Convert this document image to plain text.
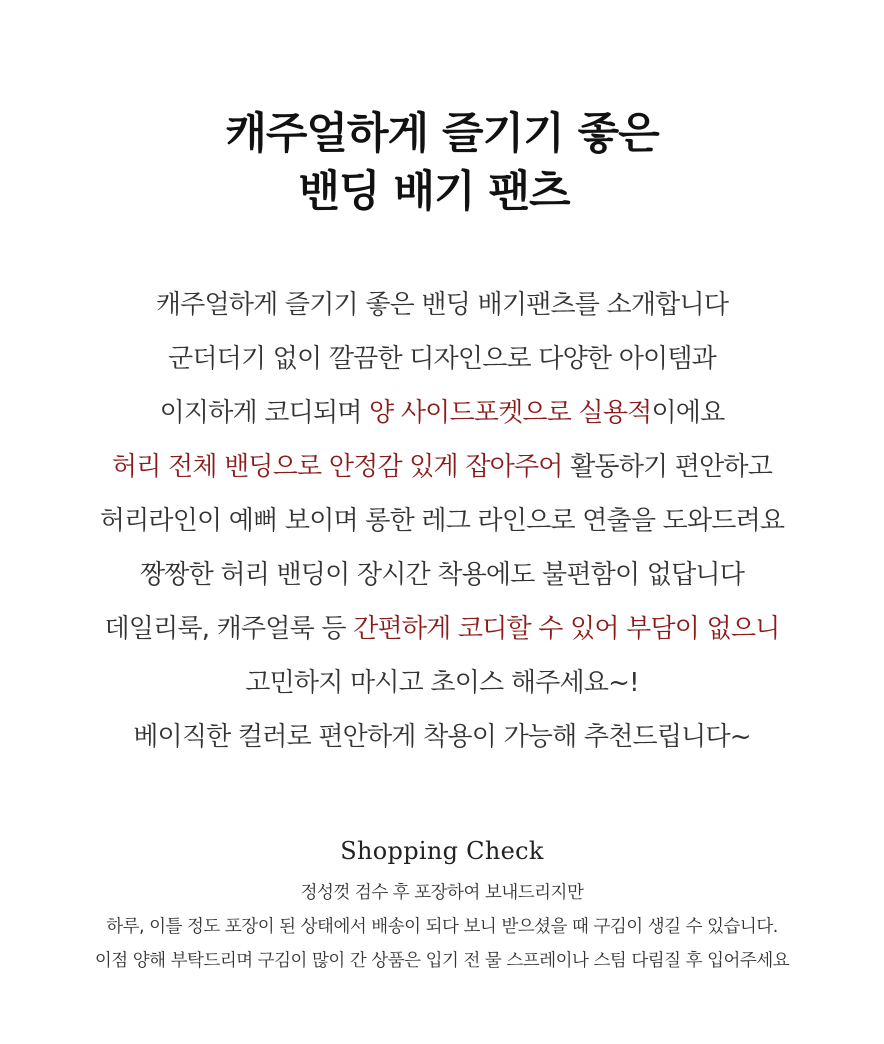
캐주얼하게 즐기기 좋은
밴딩 배기 팬츠
캐주얼하게 즐기기 좋은 밴딩 배기팬츠를 소개합니다
군더더기 없이 깔끔한 디자인으로 다양한 아이템과
이지하게 코디되며 양 사이드포켓으로 실용적이에요
허리 전체 밴딩으로 안정감 있게 잡아주어 활동하기 편안하고
허리라인이 예뻐 보이며 롱한 레그 라인으로 연출을 도와드려요
짱짱한 허리 밴딩이 장시간 착용에도 불편함이 없답니다
데일리룩, 캐주얼룩 등 간편하게 코디할 수 있어 부담이 없으니
고민하지 마시고 초이스 해주세요~!
베이직한 컬러로 편안하게 착용이 가능해 추천드립니다~
Shopping Check
정성껏 검수 후 포장하여 보내드리지만
하루, 이틀 정도 포장이 된 상태에서 배송이 되다 보니 받으셨을 때 구김이 생길 수 있습니다.
이점 양해 부탁드리며 구김이 많이 간 상품은 입기 전 물 스프레이나 스팀 다림질 후 입어주세요
